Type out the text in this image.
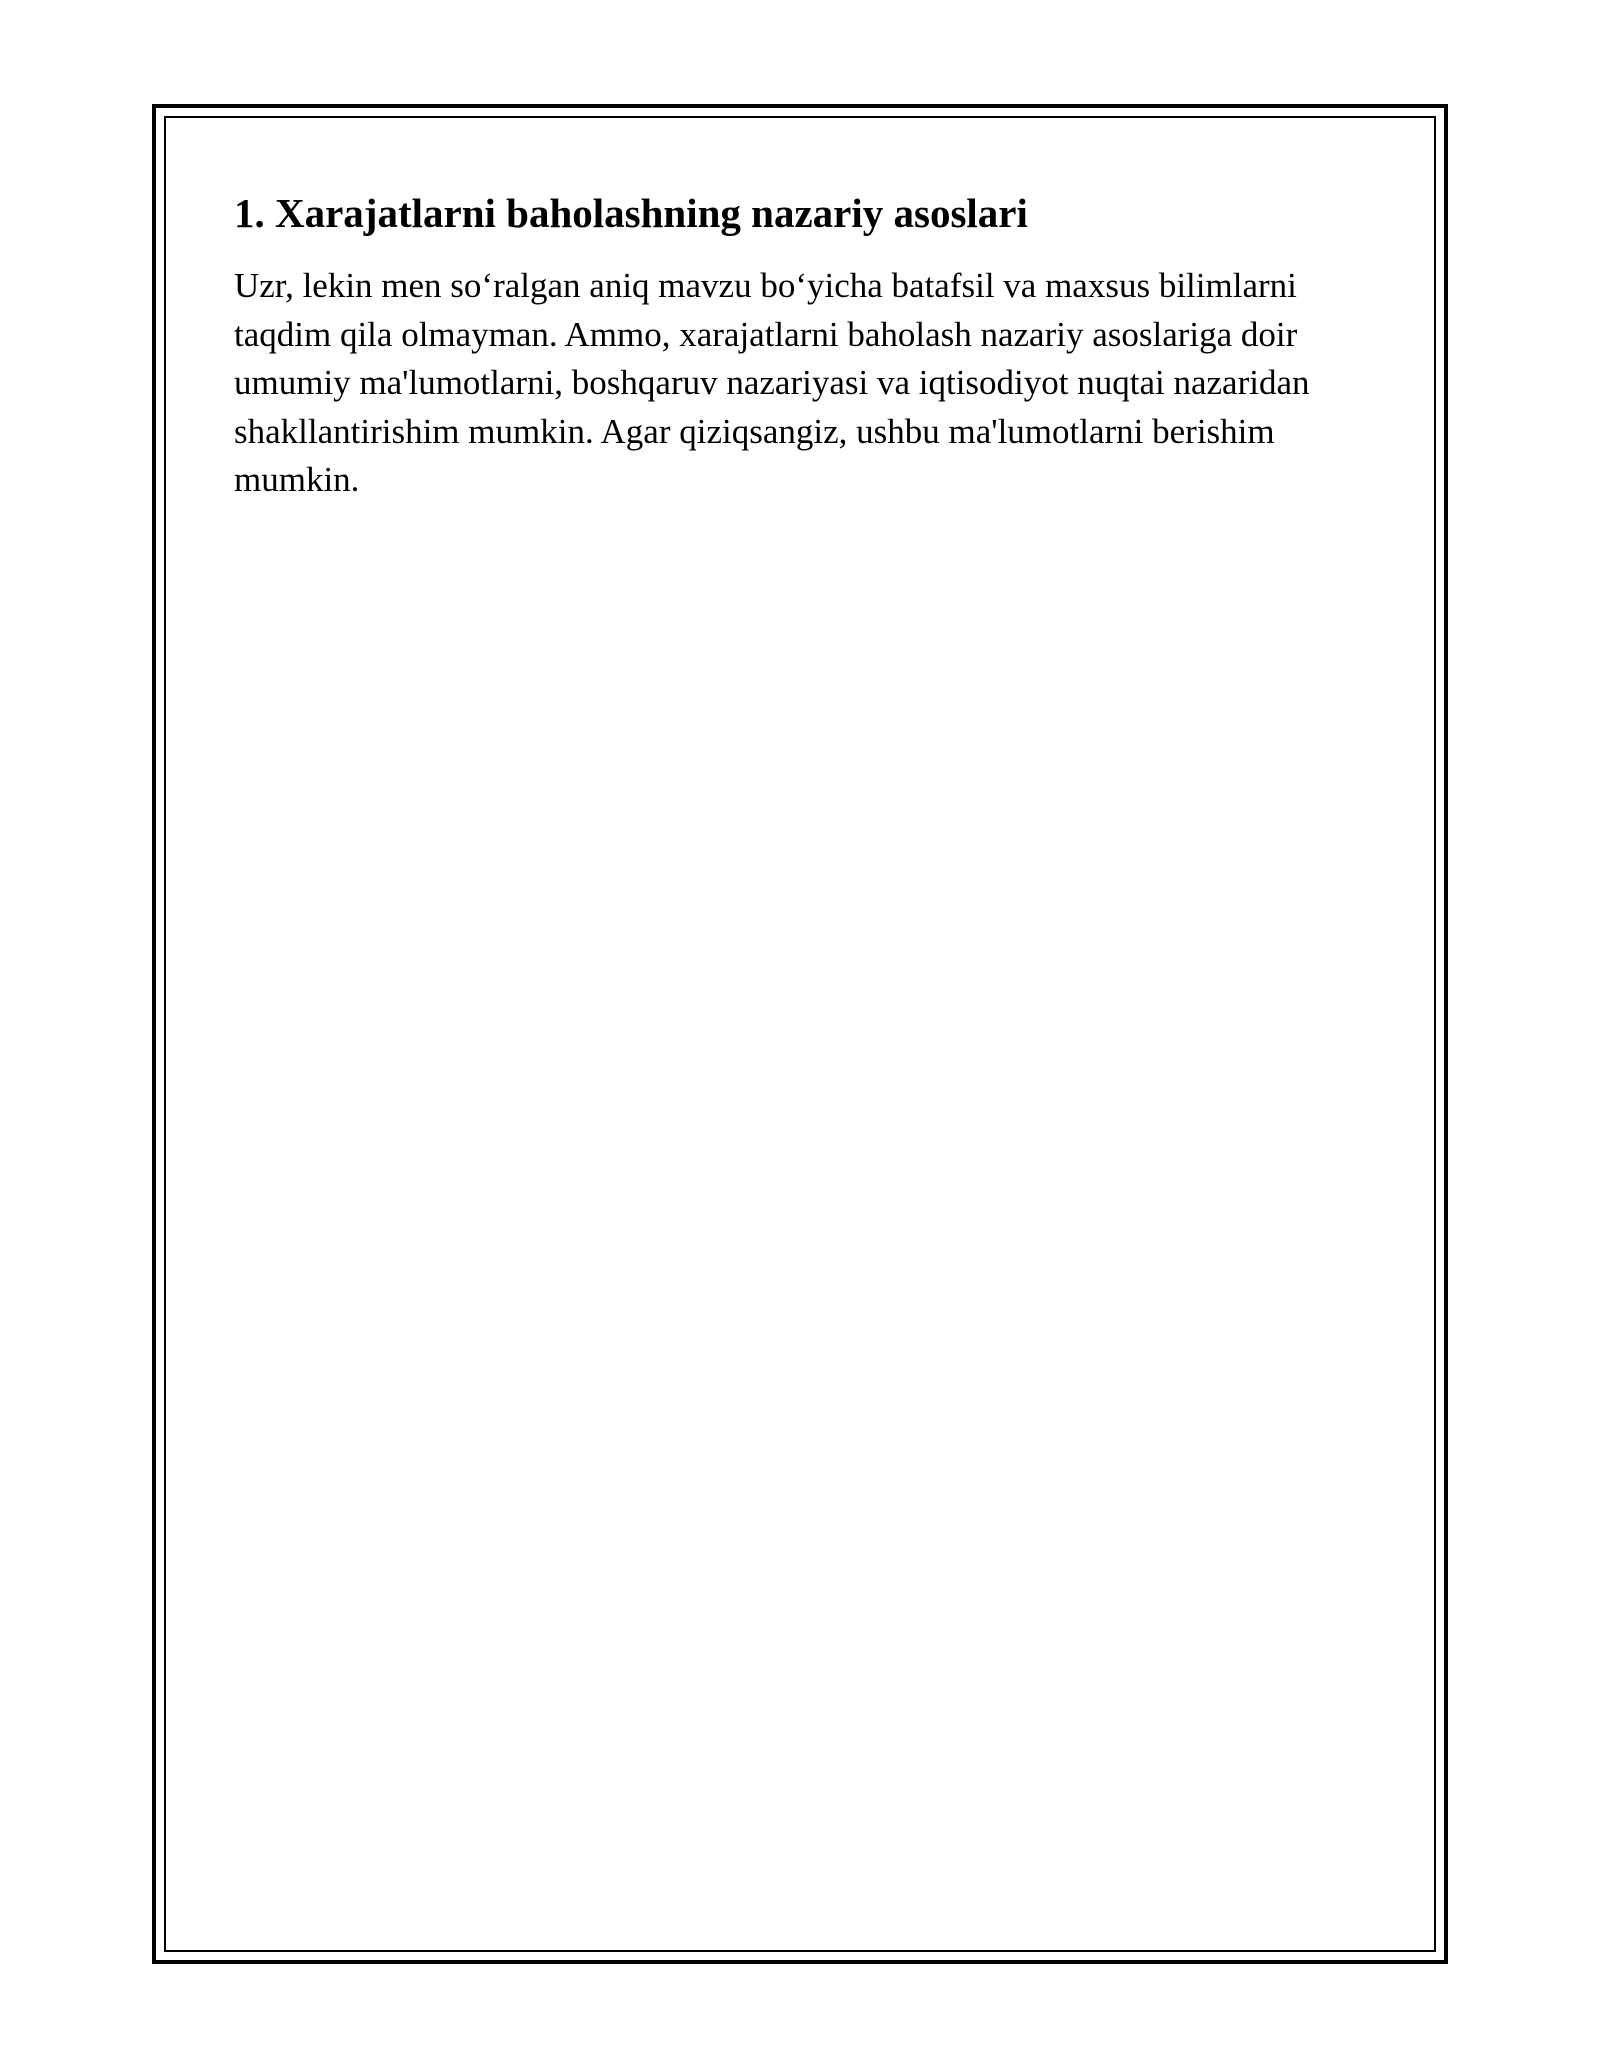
1. Xarajatlarni baholashning nazariy asoslari

Uzr, lekin men so‘ralgan aniq mavzu bo‘yicha batafsil va maxsus bilimlarni taqdim qila olmayman. Ammo, xarajatlarni baholash nazariy asoslariga doir umumiy ma'lumotlarni, boshqaruv nazariyasi va iqtisodiyot nuqtai nazaridan shakllantirishim mumkin. Agar qiziqsangiz, ushbu ma'lumotlarni berishim mumkin.
